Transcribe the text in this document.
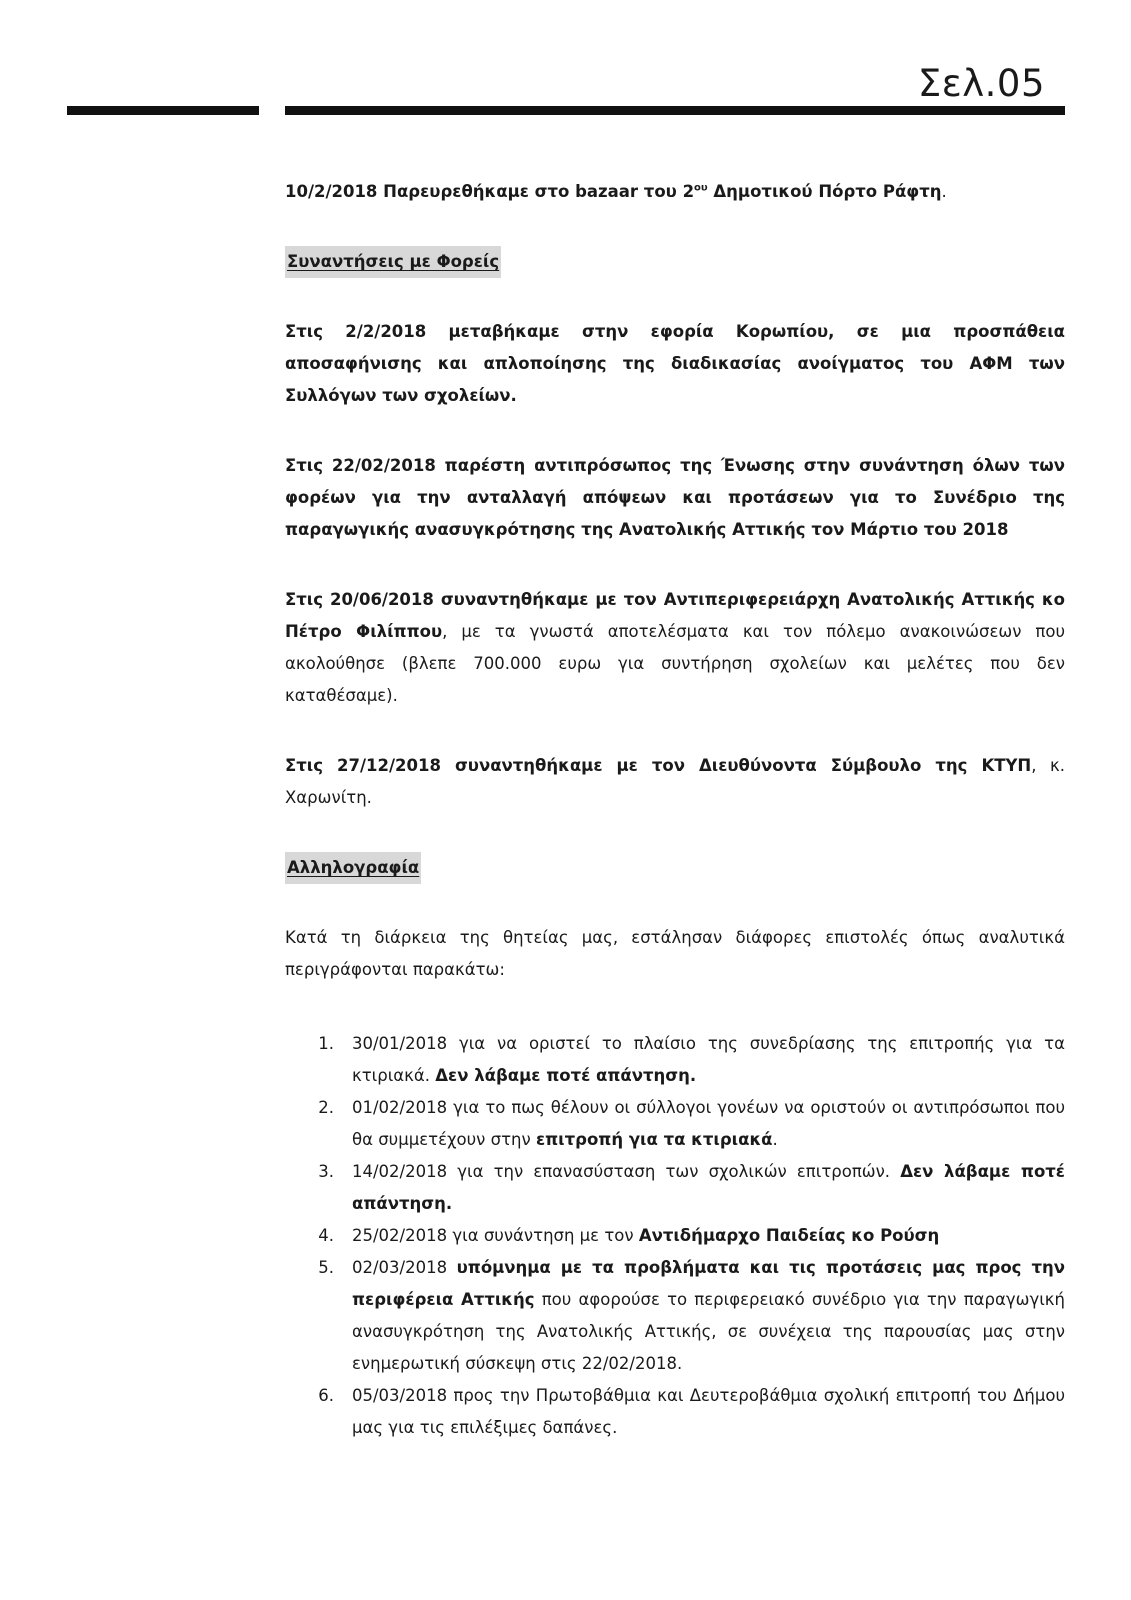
Σελ.05

10/2/2018 Παρευρεθήκαμε στο bazaar του $2^{o\upsilon}$ Δημοτικού Πόρτο Ράφτη.

Συναντήσεις με Φορείς

Στις 2/2/2018 μεταβήκαμε στην εφορία Κορωπίου, σε μια προσπάθεια αποσαφήνισης και απλοποίησης της διαδικασίας ανοίγματος του ΑΦΜ των Συλλόγων των σχολείων.

Στις 22/02/2018 παρέστη αντιπρόσωπος της Ένωσης στην συνάντηση όλων των φορέων για την ανταλλαγή απόψεων και προτάσεων για το Συνέδριο της παραγωγικής ανασυγκρότησης της Ανατολικής Αττικής τον Μάρτιο του 2018

Στις 20/06/2018 συναντηθήκαμε με τον Αντιπεριφερειάρχη Ανατολικής Αττικής κο Πέτρο Φιλίππου, με τα γνωστά αποτελέσματα και τον πόλεμο ανακοινώσεων που ακολούθησε (βλεπε 700.000 ευρω για συντήρηση σχολείων και μελέτες που δεν καταθέσαμε).

Στις 27/12/2018 συναντηθήκαμε με τον Διευθύνοντα Σύμβουλο της ΚΤΥΠ, κ. Χαρωνίτη.

Αλληλογραφία

Κατά τη διάρκεια της θητείας μας, εστάλησαν διάφορες επιστολές όπως αναλυτικά περιγράφονται παρακάτω:

1.	30/01/2018 για να οριστεί το πλαίσιο της συνεδρίασης της επιτροπής για τα κτιριακά. Δεν λάβαμε ποτέ απάντηση.
2.	01/02/2018 για το πως θέλουν οι σύλλογοι γονέων να οριστούν οι αντιπρόσωποι που θα συμμετέχουν στην επιτροπή για τα κτιριακά.
3.	14/02/2018 για την επανασύσταση των σχολικών επιτροπών. Δεν λάβαμε ποτέ απάντηση.
4.	25/02/2018 για συνάντηση με τον Αντιδήμαρχο Παιδείας κο Ρούση
5.	02/03/2018 υπόμνημα με τα προβλήματα και τις προτάσεις μας προς την περιφέρεια Αττικής που αφορούσε το περιφερειακό συνέδριο για την παραγωγική ανασυγκρότηση της Ανατολικής Αττικής, σε συνέχεια της παρουσίας μας στην ενημερωτική σύσκεψη στις 22/02/2018.
6.	05/03/2018 προς την Πρωτοβάθμια και Δευτεροβάθμια σχολική επιτροπή του Δήμου μας για τις επιλέξιμες δαπάνες.
